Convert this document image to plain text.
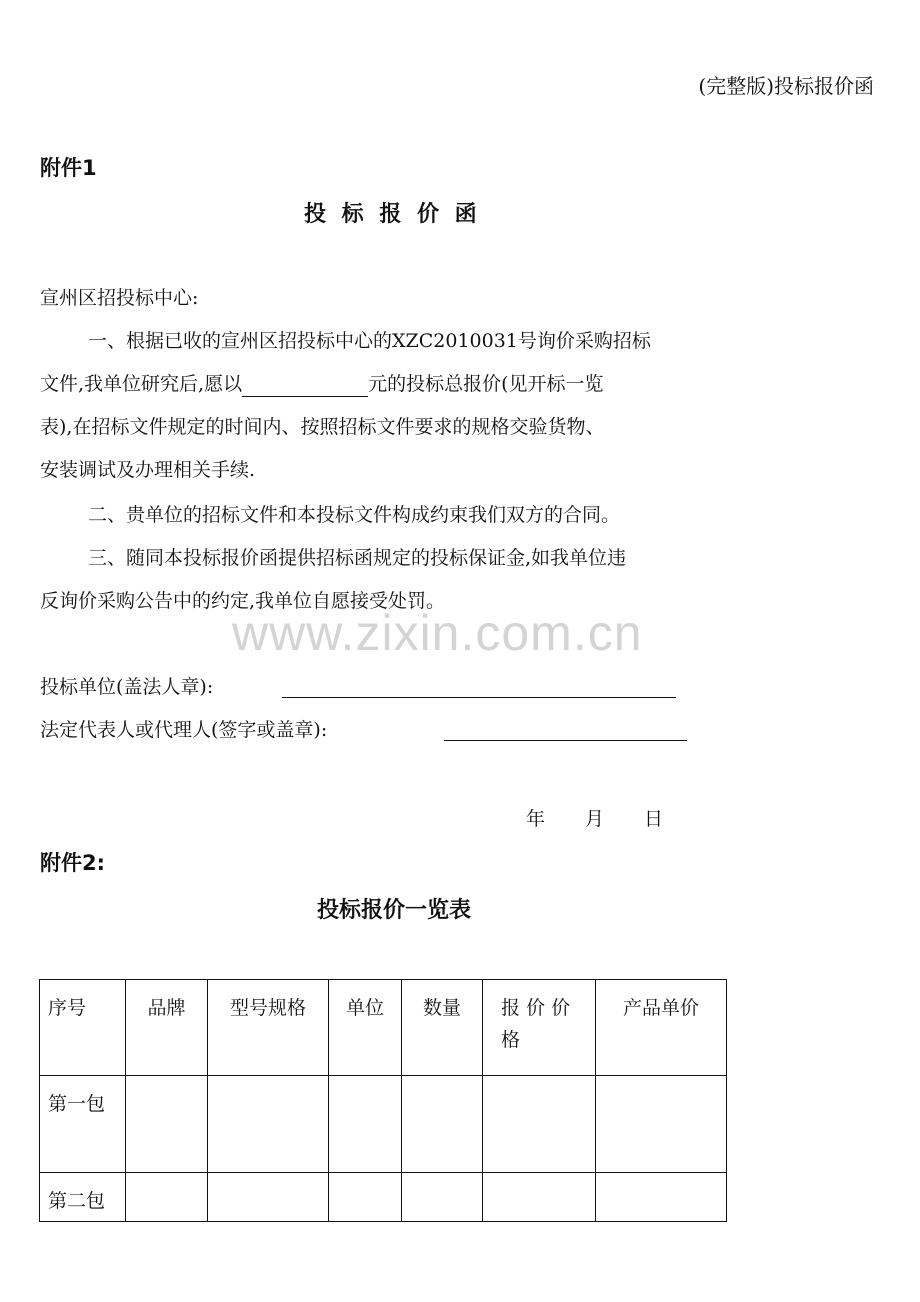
(完整版)投标报价函
附件1
投 标 报 价 函
宣州区招投标中心:
一、根据已收的宣州区招投标中心的XZC2010031号询价采购招标
文件,我单位研究后,愿以	元的投标总报价(见开标一览
表),在招标文件规定的时间内、按照招标文件要求的规格交验货物、
安装调试及办理相关手续.
二、贵单位的招标文件和本投标文件构成约束我们双方的合同。
三、随同本投标报价函提供招标函规定的投标保证金,如我单位违
反询价采购公告中的约定,我单位自愿接受处罚。
www.zixin.com.cn
投标单位(盖法人章):
法定代表人或代理人(签字或盖章):
年 月 日
附件2:
投标报价一览表
序号	品牌	型号规格	单位	数量	报 价 价格	产品单价
第一包						
第二包						
